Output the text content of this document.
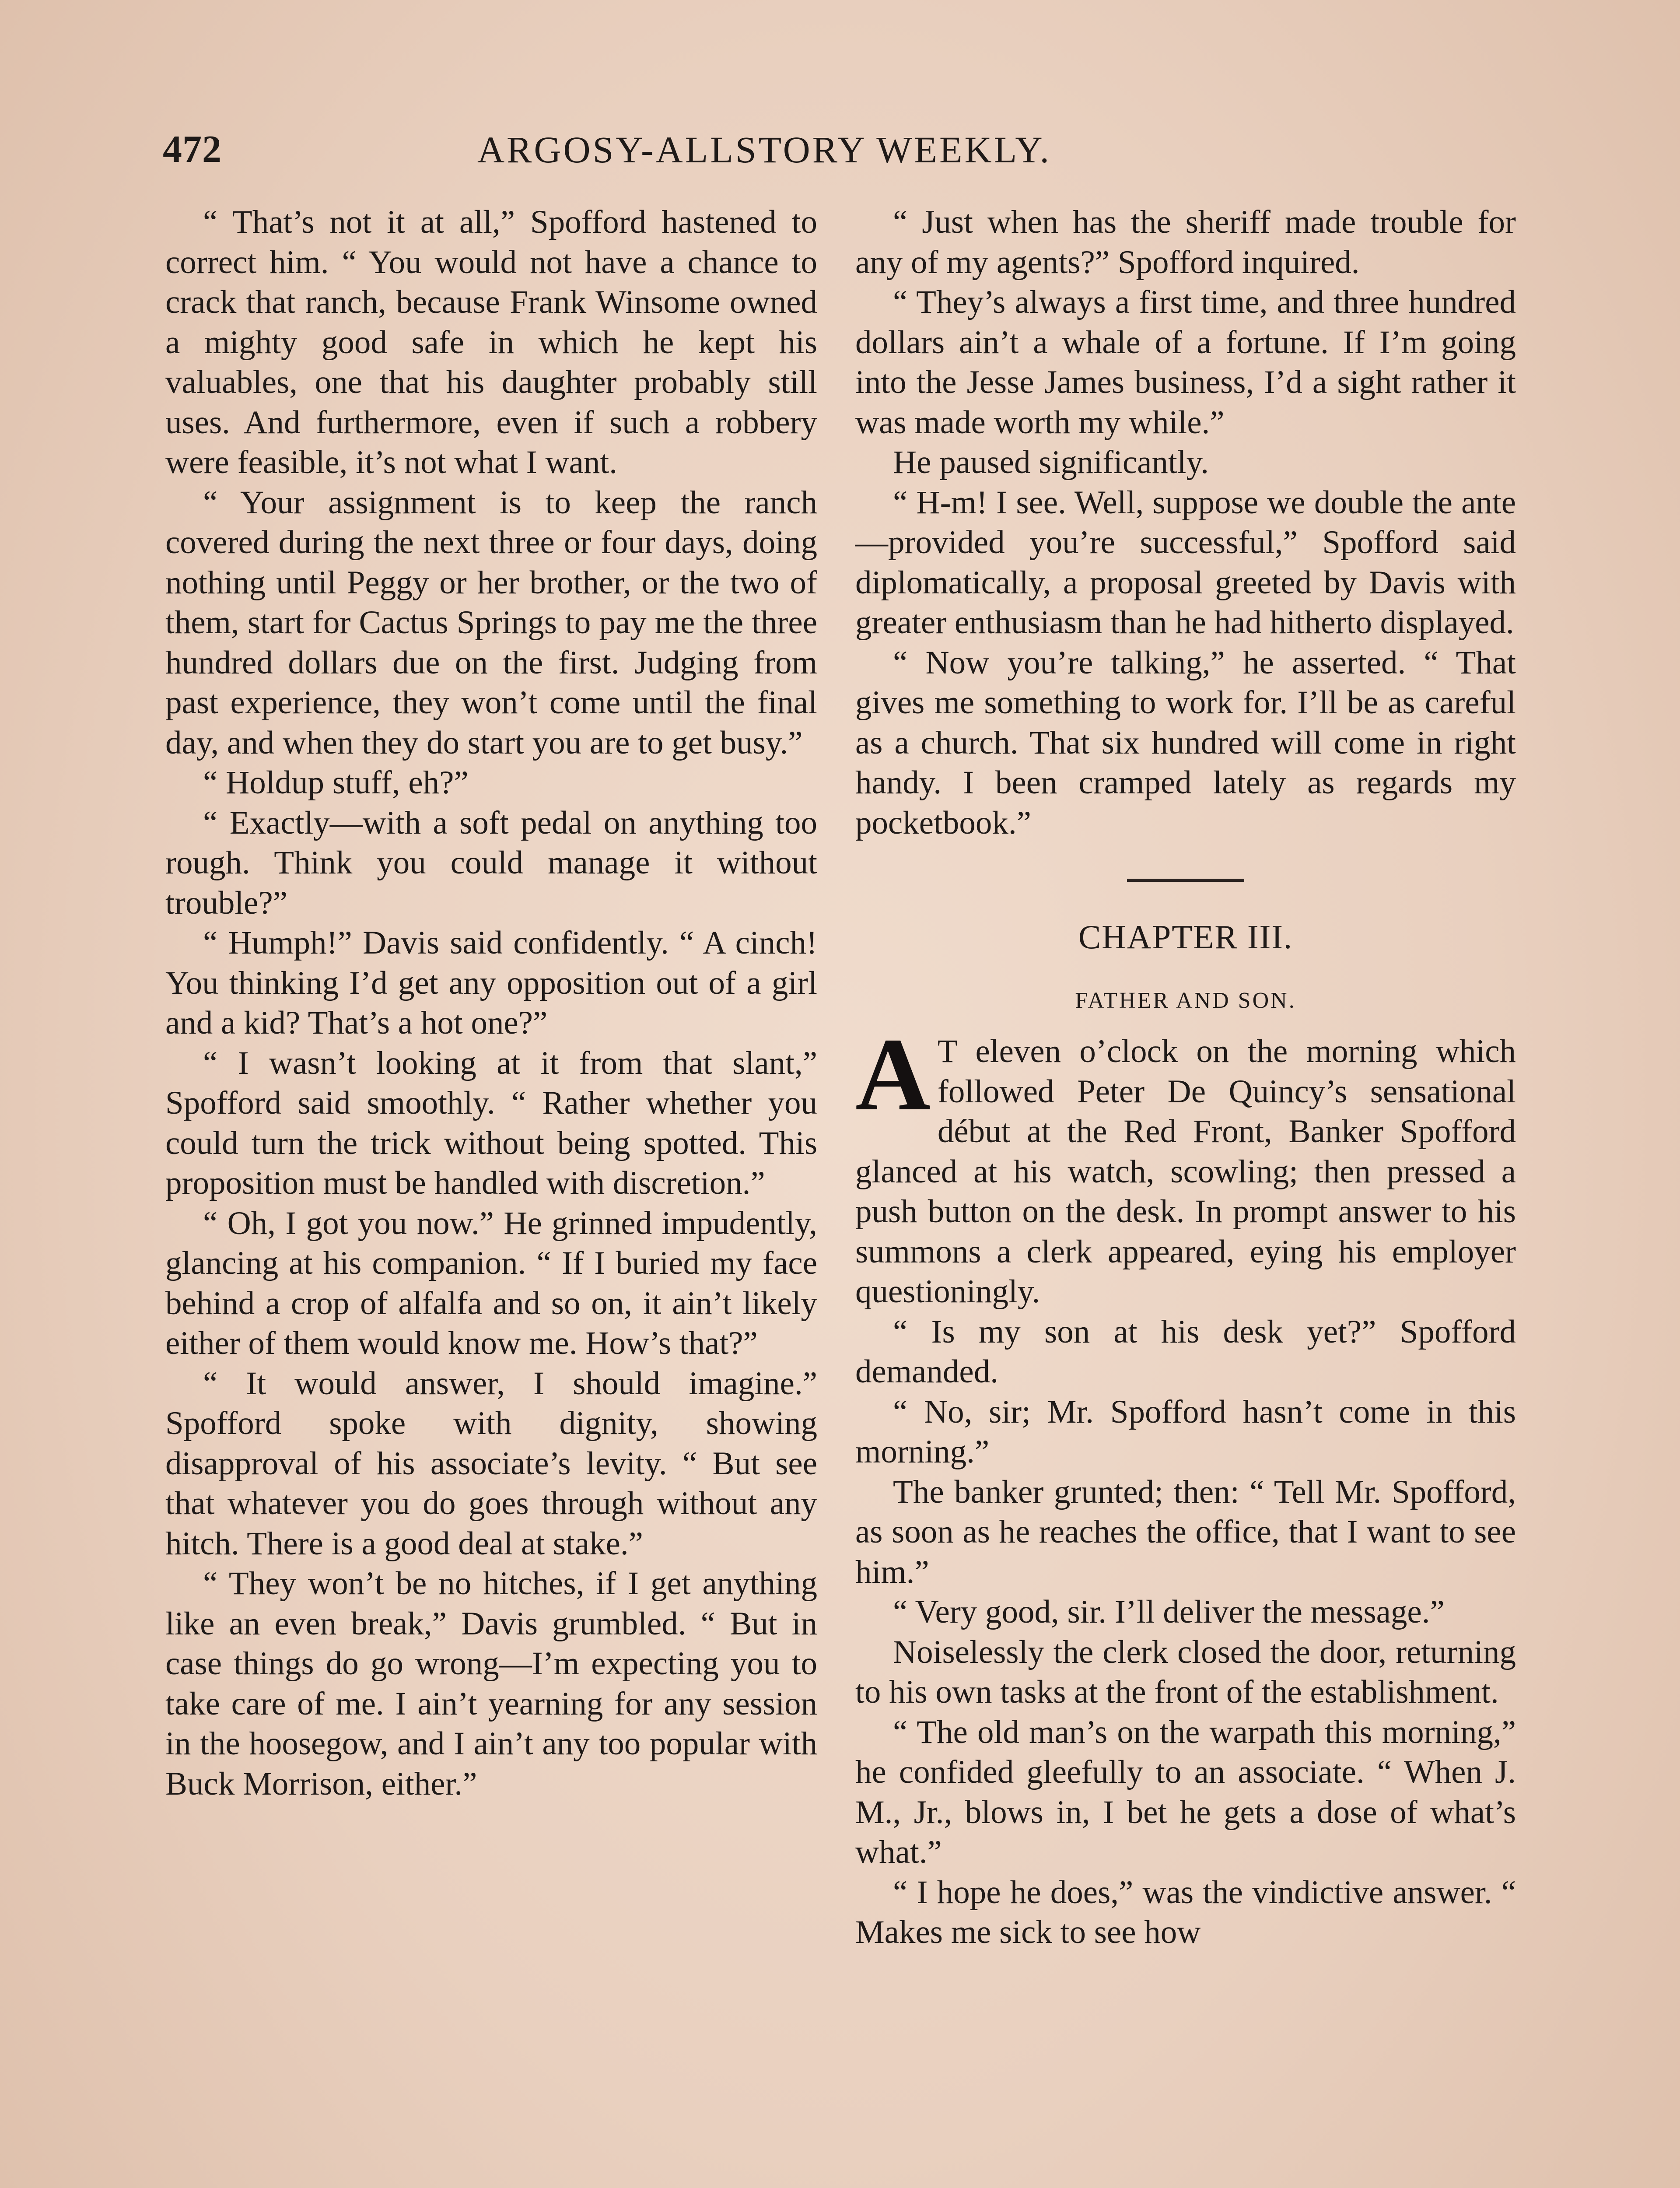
472	ARGOSY-ALLSTORY WEEKLY.

“ That’s not it at all,” Spofford hastened to correct him. “ You would not have a chance to crack that ranch, because Frank Winsome owned a mighty good safe in which he kept his valuables, one that his daughter probably still uses. And furthermore, even if such a robbery were feasible, it’s not what I want.

“ Your assignment is to keep the ranch covered during the next three or four days, doing nothing until Peggy or her brother, or the two of them, start for Cactus Springs to pay me the three hundred dollars due on the first. Judging from past experience, they won’t come until the final day, and when they do start you are to get busy.”

“ Holdup stuff, eh?”

“ Exactly—with a soft pedal on anything too rough. Think you could manage it without trouble?”

“ Humph!” Davis said confidently. “ A cinch! You thinking I’d get any opposition out of a girl and a kid? That’s a hot one?”

“ I wasn’t looking at it from that slant,” Spofford said smoothly. “ Rather whether you could turn the trick without being spotted. This proposition must be handled with discretion.”

“ Oh, I got you now.” He grinned impudently, glancing at his companion. “ If I buried my face behind a crop of alfalfa and so on, it ain’t likely either of them would know me. How’s that?”

“ It would answer, I should imagine.” Spofford spoke with dignity, showing disapproval of his associate’s levity. “ But see that whatever you do goes through without any hitch. There is a good deal at stake.”

“ They won’t be no hitches, if I get anything like an even break,” Davis grumbled. “ But in case things do go wrong—I’m expecting you to take care of me. I ain’t yearning for any session in the hoosegow, and I ain’t any too popular with Buck Morrison, either.”

“ Just when has the sheriff made trouble for any of my agents?” Spofford inquired.

“ They’s always a first time, and three hundred dollars ain’t a whale of a fortune. If I’m going into the Jesse James business, I’d a sight rather it was made worth my while.”

He paused significantly.

“ H-m! I see. Well, suppose we double the ante—provided you’re successful,” Spofford said diplomatically, a proposal greeted by Davis with greater enthusiasm than he had hitherto displayed.

“ Now you’re talking,” he asserted. “ That gives me something to work for. I’ll be as careful as a church. That six hundred will come in right handy. I been cramped lately as regards my pocketbook.”

CHAPTER III.

FATHER AND SON.

A T eleven o’clock on the morning which followed Peter De Quincy’s sensational début at the Red Front, Banker Spofford glanced at his watch, scowling; then pressed a push button on the desk. In prompt answer to his summons a clerk appeared, eying his employer questioningly.

“ Is my son at his desk yet?” Spofford demanded.

“ No, sir; Mr. Spofford hasn’t come in this morning.”

The banker grunted; then: “ Tell Mr. Spofford, as soon as he reaches the office, that I want to see him.”

“ Very good, sir. I’ll deliver the message.”

Noiselessly the clerk closed the door, returning to his own tasks at the front of the establishment.

“ The old man’s on the warpath this morning,” he confided gleefully to an associate. “ When J. M., Jr., blows in, I bet he gets a dose of what’s what.”

“ I hope he does,” was the vindictive answer. “ Makes me sick to see how
